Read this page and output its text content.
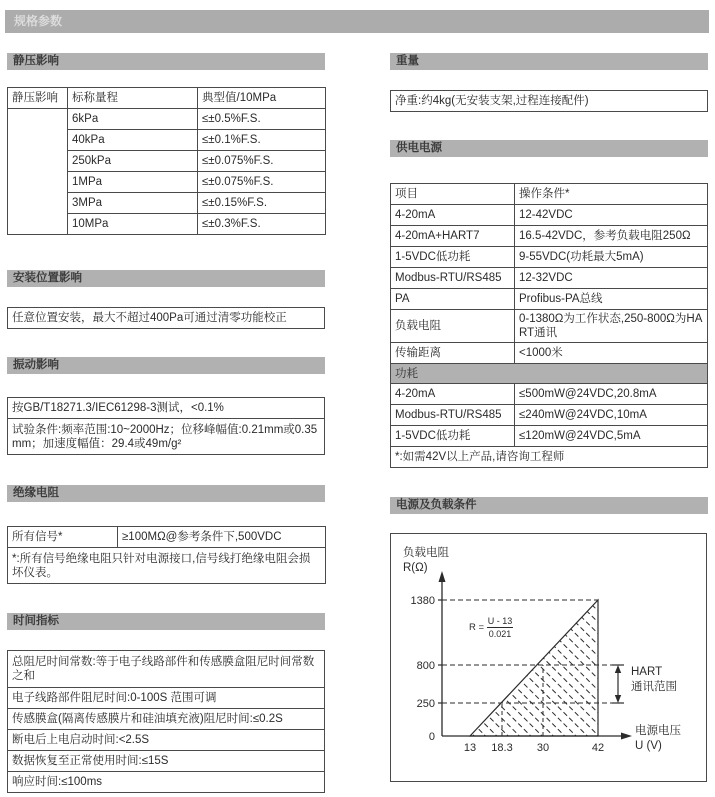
规格参数
静压影响
静压影响	标称量程	典型值/10MPa
	6kPa	≤±0.5%F.S.
	40kPa	≤±0.1%F.S.
	250kPa	≤±0.075%F.S.
	1MPa	≤±0.075%F.S.
	3MPa	≤±0.15%F.S.
	10MPa	≤±0.3%F.S.
安装位置影响
任意位置安装，最大不超过400Pa可通过清零功能校正
振动影响
按GB/T18271.3/IEC61298-3测试，<0.1%
试验条件:频率范围:10~2000Hz；位移峰幅值:0.21mm或0.35mm；加速度幅值：29.4或49m/g²
绝缘电阻
所有信号*	≥100MΩ@参考条件下,500VDC
*:所有信号绝缘电阻只针对电源接口,信号线打绝缘电阻会损坏仪表。
时间指标
总阻尼时间常数:等于电子线路部件和传感膜盒阻尼时间常数之和
电子线路部件阻尼时间:0-100S 范围可调
传感膜盒(隔离传感膜片和硅油填充液)阻尼时间:≤0.2S
断电后上电启动时间:<2.5S
数据恢复至正常使用时间:≤15S
响应时间:≤100ms
重量
净重:约4kg(无安装支架,过程连接配件)
供电电源
项目	操作条件*
4-20mA	12-42VDC
4-20mA+HART7	16.5-42VDC，参考负载电阻250Ω
1-5VDC低功耗	9-55VDC(功耗最大5mA)
Modbus-RTU/RS485	12-32VDC
PA	Profibus-PA总线
负载电阻	0-1380Ω为工作状态,250-800Ω为HART通讯
传输距离	<1000米
功耗	
4-20mA	≤500mW@24VDC,20.8mA
Modbus-RTU/RS485	≤240mW@24VDC,10mA
1-5VDC低功耗	≤120mW@24VDC,5mA
*:如需42V以上产品,请咨询工程师	
电源及负载条件
R =
U - 13
0.021
负载电阻
R(Ω)
电源电压
U (V)
1380
800
250
0
13 18.3 30	42
HART
通讯范围
